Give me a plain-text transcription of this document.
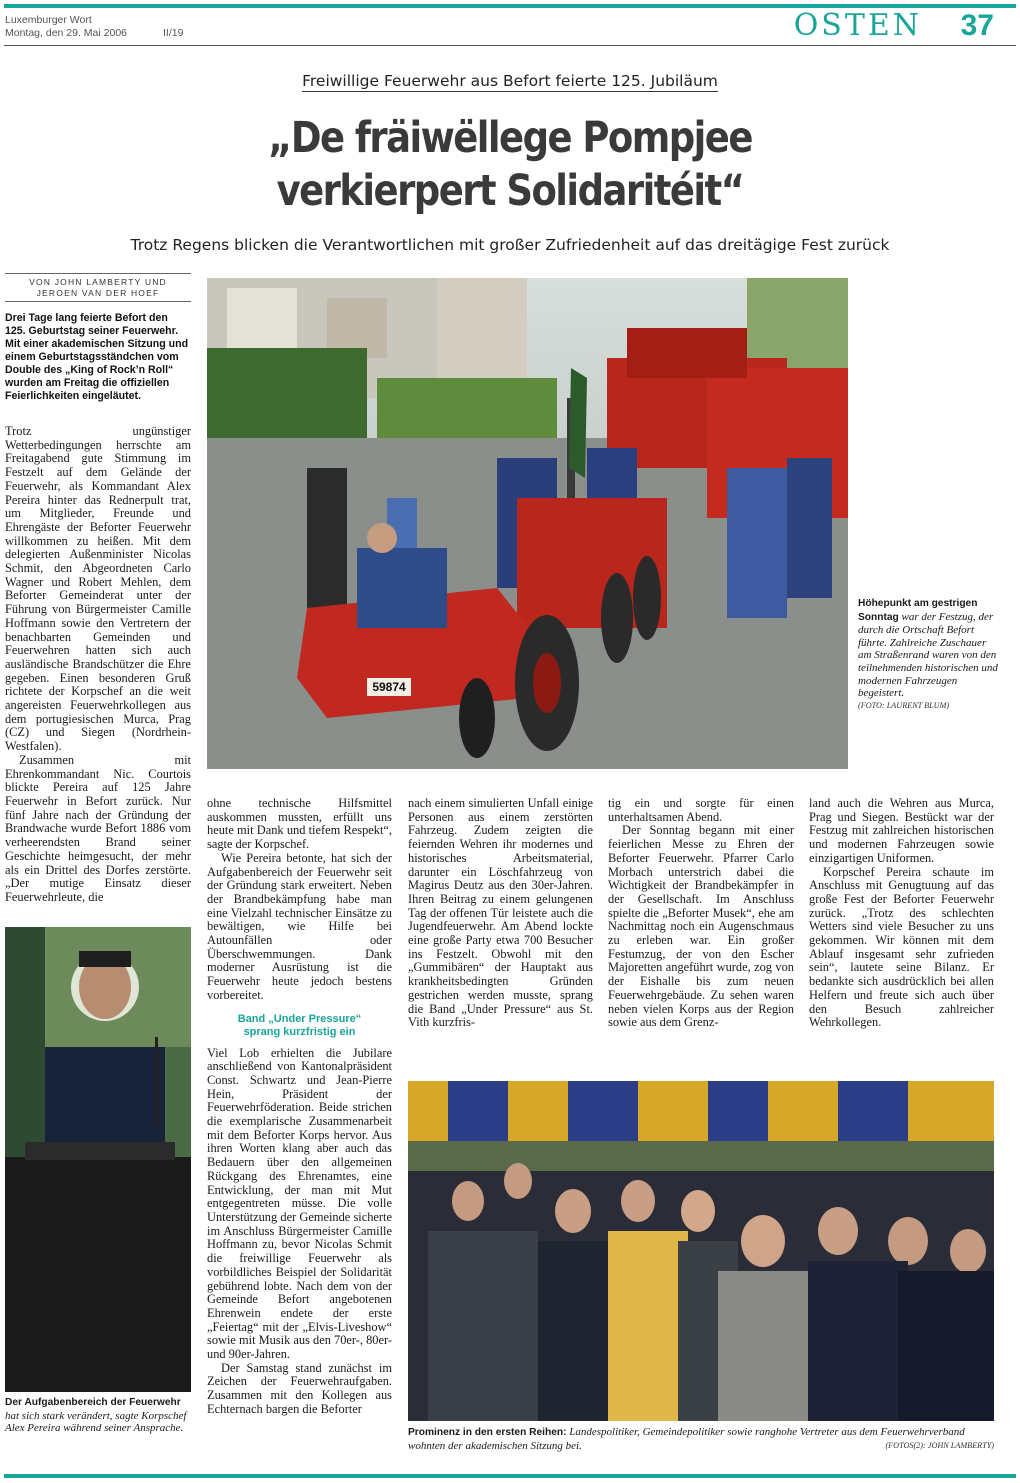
Luxemburger Wort
Montag, den 29. Mai 2006	II/19	OSTEN 37
Freiwillige Feuerwehr aus Befort feierte 125. Jubiläum
„De fräiwëllege Pompjee
verkierpert Solidaritéit“
Trotz Regens blicken die Verantwortlichen mit großer Zufriedenheit auf das dreitägige Fest zurück
VON JOHN LAMBERTY UND
JEROEN VAN DER HOEF
Drei Tage lang feierte Befort den 125. Geburtstag seiner Feuerwehr. Mit einer akademischen Sitzung und einem Geburtstagsständchen vom Double des „King of Rock’n Roll“ wurden am Freitag die offiziellen Feierlichkeiten eingeläutet.

Trotz ungünstiger Wetterbedingungen herrschte am Freitagabend gute Stimmung im Festzelt auf dem Gelände der Feuerwehr, als Kommandant Alex Pereira hinter das Rednerpult trat, um Mitglieder, Freunde und Ehrengäste der Beforter Feuerwehr willkommen zu heißen. Mit dem delegierten Außenminister Nicolas Schmit, den Abgeordneten Carlo Wagner und Robert Mehlen, dem Beforter Gemeinderat unter der Führung von Bürgermeister Camille Hoffmann sowie den Vertretern der benachbarten Gemeinden und Feuerwehren hatten sich auch ausländische Brandschützer die Ehre gegeben. Einen besonderen Gruß richtete der Korpschef an die weit angereisten Feuerwehrkollegen aus dem portugiesischen Murca, Prag (CZ) und Siegen (Nordrhein-Westfalen).

Zusammen mit Ehrenkommandant Nic. Courtois blickte Pereira auf 125 Jahre Feuerwehr in Befort zurück. Nur fünf Jahre nach der Gründung der Brandwache wurde Befort 1886 vom verheerendsten Brand seiner Geschichte heimgesucht, der mehr als ein Drittel des Dorfes zerstörte. „Der mutige Einsatz dieser Feuerwehrleute, die

59874
Höhepunkt am gestrigen Sonntag war der Festzug, der durch die Ortschaft Befort führte. Zahlreiche Zuschauer am Straßenrand waren von den teilnehmenden historischen und modernen Fahrzeugen begeistert.
(FOTO: LAURENT BLUM)

ohne technische Hilfsmittel auskommen mussten, erfüllt uns heute mit Dank und tiefem Respekt“, sagte der Korpschef.

Wie Pereira betonte, hat sich der Aufgabenbereich der Feuerwehr seit der Gründung stark erweitert. Neben der Brandbekämpfung habe man eine Vielzahl technischer Einsätze zu bewältigen, wie Hilfe bei Autounfällen oder Überschwemmungen. Dank moderner Ausrüstung ist die Feuerwehr heute jedoch bestens vorbereitet.

Band „Under Pressure“
sprang kurzfristig ein

Viel Lob erhielten die Jubilare anschließend von Kantonalpräsident Const. Schwartz und Jean-Pierre Hein, Präsident der Feuerwehrföderation. Beide strichen die exemplarische Zusammenarbeit mit dem Beforter Korps hervor. Aus ihren Worten klang aber auch das Bedauern über den allgemeinen Rückgang des Ehrenamtes, eine Entwicklung, der man mit Mut entgegentreten müsse. Die volle Unterstützung der Gemeinde sicherte im Anschluss Bürgermeister Camille Hoffmann zu, bevor Nicolas Schmit die freiwillige Feuerwehr als vorbildliches Beispiel der Solidarität gebührend lobte. Nach dem von der Gemeinde Befort angebotenen Ehrenwein endete der erste „Feiertag“ mit der „Elvis-Liveshow“ sowie mit Musik aus den 70er-, 80er- und 90er-Jahren.

Der Samstag stand zunächst im Zeichen der Feuerwehraufgaben. Zusammen mit den Kollegen aus Echternach bargen die Beforter

nach einem simulierten Unfall einige Personen aus einem zerstörten Fahrzeug. Zudem zeigten die feiernden Wehren ihr modernes und historisches Arbeitsmaterial, darunter ein Löschfahrzeug von Magirus Deutz aus den 30er-Jahren. Ihren Beitrag zu einem gelungenen Tag der offenen Tür leistete auch die Jugendfeuerwehr. Am Abend lockte eine große Party etwa 700 Besucher ins Festzelt. Obwohl mit den „Gummibären“ der Hauptakt aus krankheitsbedingten Gründen gestrichen werden musste, sprang die Band „Under Pressure“ aus St. Vith kurzfris-

tig ein und sorgte für einen unterhaltsamen Abend.

Der Sonntag begann mit einer feierlichen Messe zu Ehren der Beforter Feuerwehr. Pfarrer Carlo Morbach unterstrich dabei die Wichtigkeit der Brandbekämpfer in der Gesellschaft. Im Anschluss spielte die „Beforter Musek“, ehe am Nachmittag noch ein Augenschmaus zu erleben war. Ein großer Festumzug, der von den Escher Majoretten angeführt wurde, zog von der Eishalle bis zum neuen Feuerwehrgebäude. Zu sehen waren neben vielen Korps aus der Region sowie aus dem Grenz-

land auch die Wehren aus Murca, Prag und Siegen. Bestückt war der Festzug mit zahlreichen historischen und modernen Fahrzeugen sowie einzigartigen Uniformen.

Korpschef Pereira schaute im Anschluss mit Genugtuung auf das große Fest der Beforter Feuerwehr zurück. „Trotz des schlechten Wetters sind viele Besucher zu uns gekommen. Wir können mit dem Ablauf insgesamt sehr zufrieden sein“, lautete seine Bilanz. Er bedankte sich ausdrücklich bei allen Helfern und freute sich auch über den Besuch zahlreicher Wehrkollegen.

Der Aufgabenbereich der Feuerwehr hat sich stark verändert, sagte Korpschef Alex Pereira während seiner Ansprache.	Prominenz in den ersten Reihen: Landespolitiker, Gemeindepolitiker sowie ranghohe Vertreter aus dem Feuerwehrverband wohnten der akademischen Sitzung bei.	(FOTOS(2): JOHN LAMBERTY)
